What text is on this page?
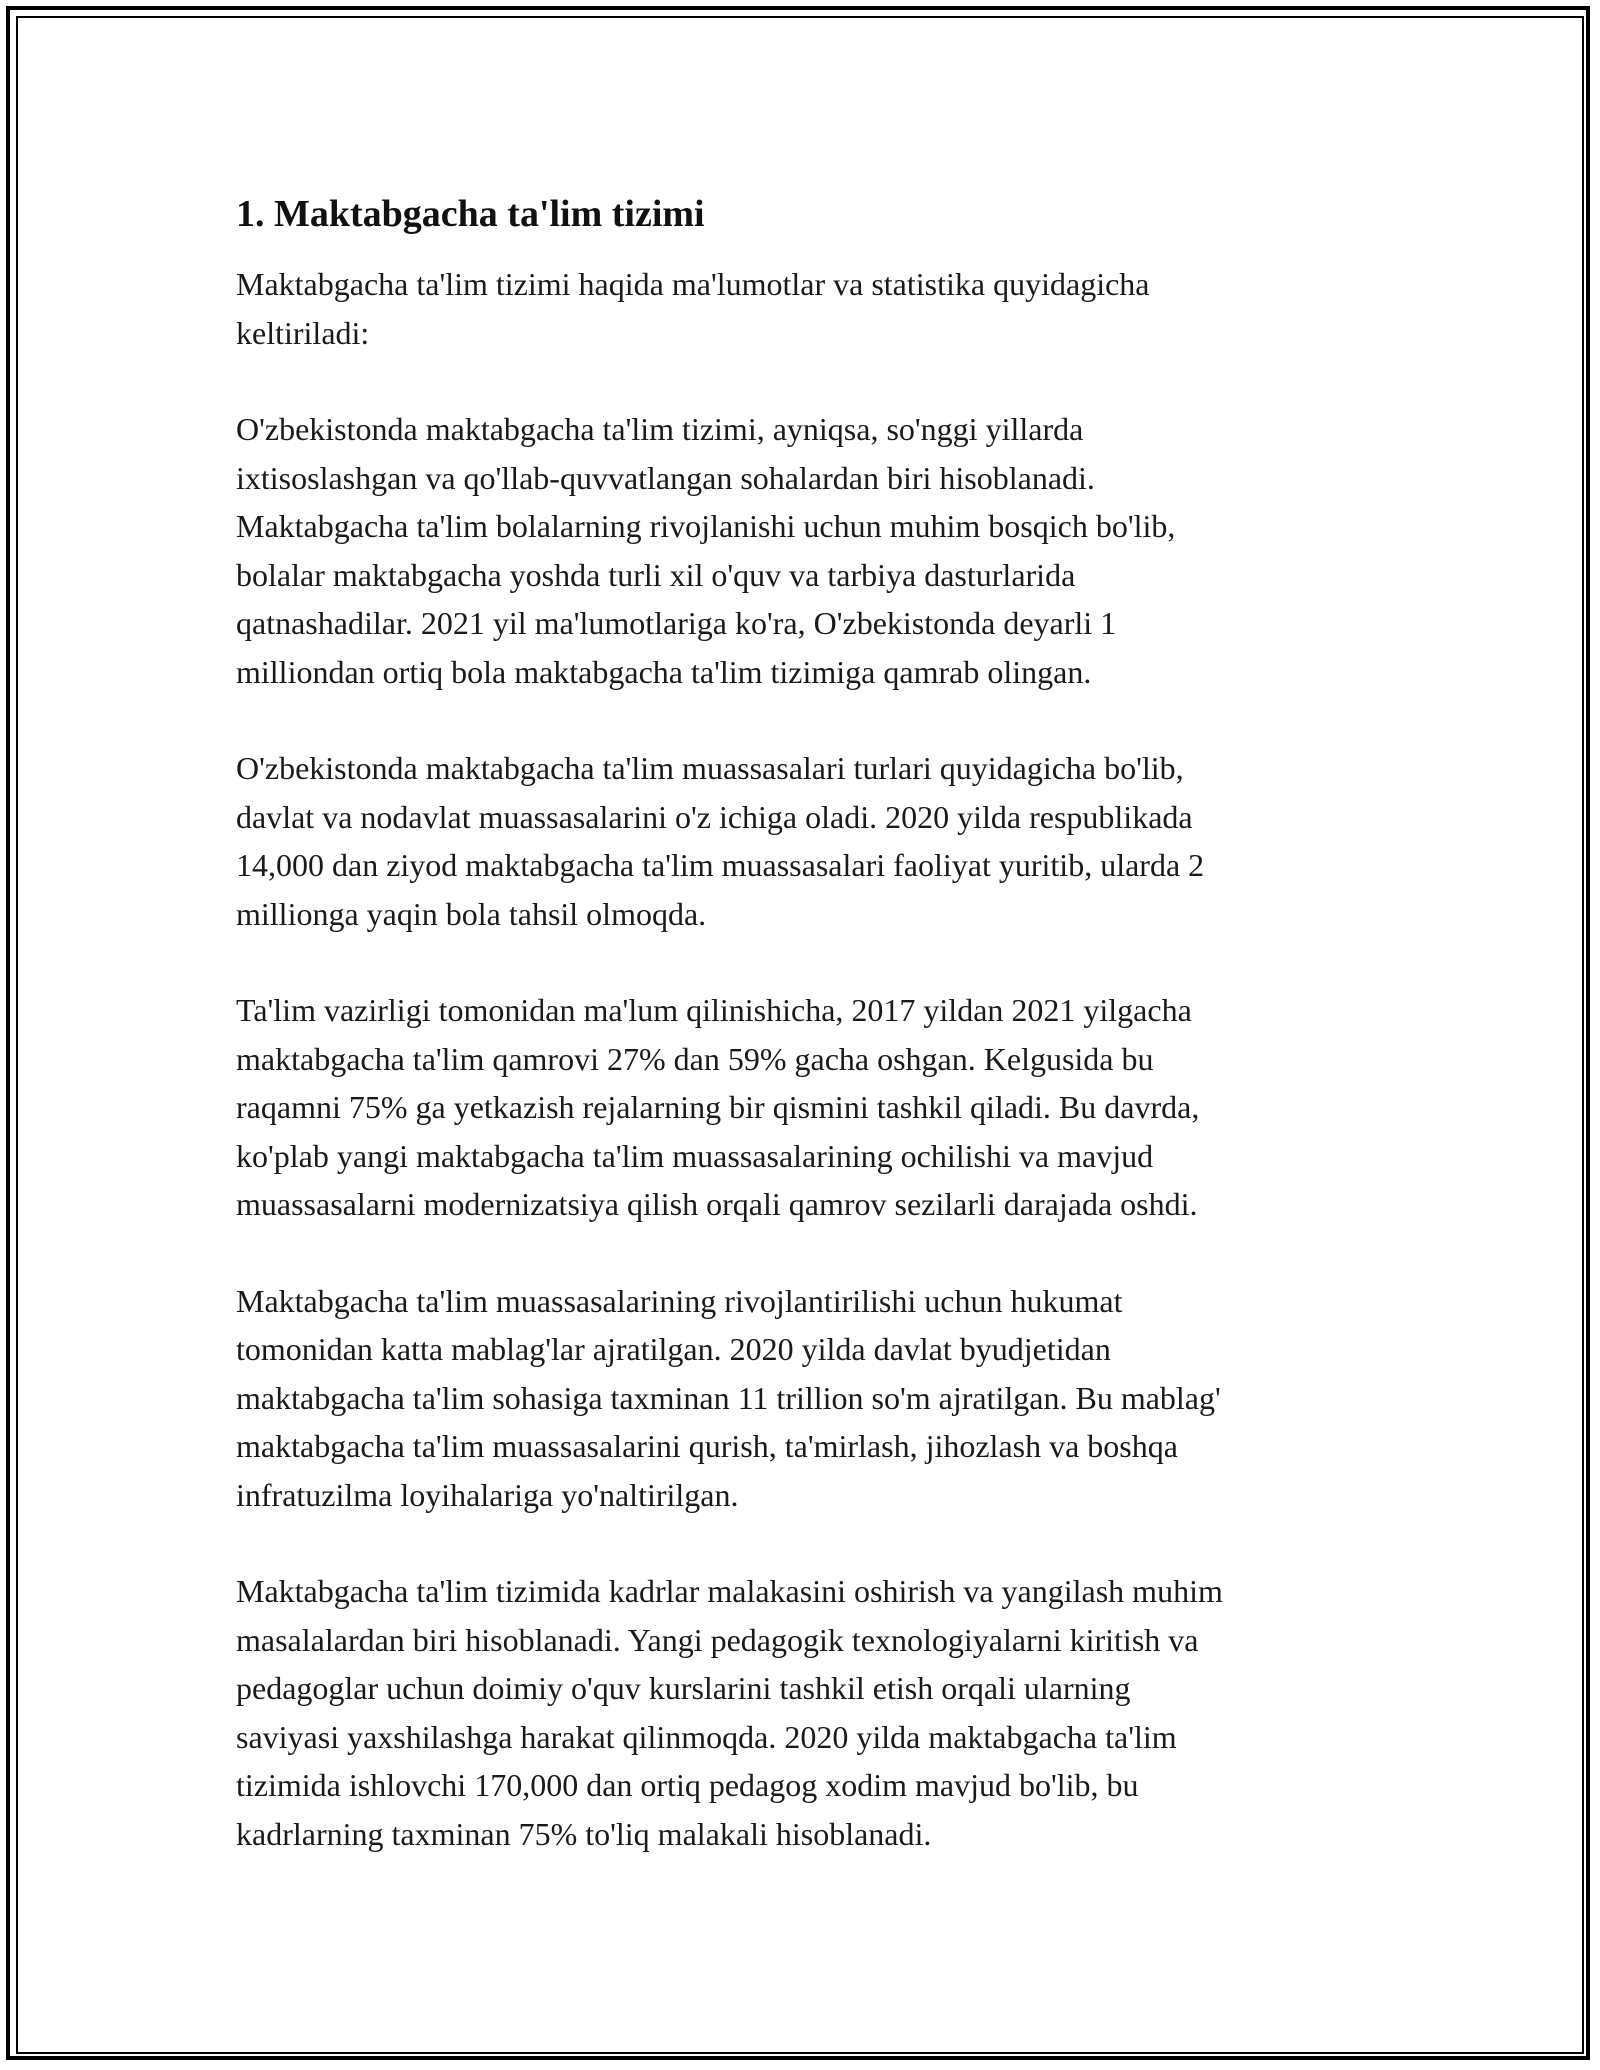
1. Maktabgacha ta'lim tizimi

Maktabgacha ta'lim tizimi haqida ma'lumotlar va statistika quyidagicha
keltiriladi:

O'zbekistonda maktabgacha ta'lim tizimi, ayniqsa, so'nggi yillarda
ixtisoslashgan va qo'llab-quvvatlangan sohalardan biri hisoblanadi.
Maktabgacha ta'lim bolalarning rivojlanishi uchun muhim bosqich bo'lib,
bolalar maktabgacha yoshda turli xil o'quv va tarbiya dasturlarida
qatnashadilar. 2021 yil ma'lumotlariga ko'ra, O'zbekistonda deyarli 1
milliondan ortiq bola maktabgacha ta'lim tizimiga qamrab olingan.

O'zbekistonda maktabgacha ta'lim muassasalari turlari quyidagicha bo'lib,
davlat va nodavlat muassasalarini o'z ichiga oladi. 2020 yilda respublikada
14,000 dan ziyod maktabgacha ta'lim muassasalari faoliyat yuritib, ularda 2
millionga yaqin bola tahsil olmoqda.

Ta'lim vazirligi tomonidan ma'lum qilinishicha, 2017 yildan 2021 yilgacha
maktabgacha ta'lim qamrovi 27% dan 59% gacha oshgan. Kelgusida bu
raqamni 75% ga yetkazish rejalarning bir qismini tashkil qiladi. Bu davrda,
ko'plab yangi maktabgacha ta'lim muassasalarining ochilishi va mavjud
muassasalarni modernizatsiya qilish orqali qamrov sezilarli darajada oshdi.

Maktabgacha ta'lim muassasalarining rivojlantirilishi uchun hukumat
tomonidan katta mablag'lar ajratilgan. 2020 yilda davlat byudjetidan
maktabgacha ta'lim sohasiga taxminan 11 trillion so'm ajratilgan. Bu mablag'
maktabgacha ta'lim muassasalarini qurish, ta'mirlash, jihozlash va boshqa
infratuzilma loyihalariga yo'naltirilgan.

Maktabgacha ta'lim tizimida kadrlar malakasini oshirish va yangilash muhim
masalalardan biri hisoblanadi. Yangi pedagogik texnologiyalarni kiritish va
pedagoglar uchun doimiy o'quv kurslarini tashkil etish orqali ularning
saviyasi yaxshilashga harakat qilinmoqda. 2020 yilda maktabgacha ta'lim
tizimida ishlovchi 170,000 dan ortiq pedagog xodim mavjud bo'lib, bu
kadrlarning taxminan 75% to'liq malakali hisoblanadi.
